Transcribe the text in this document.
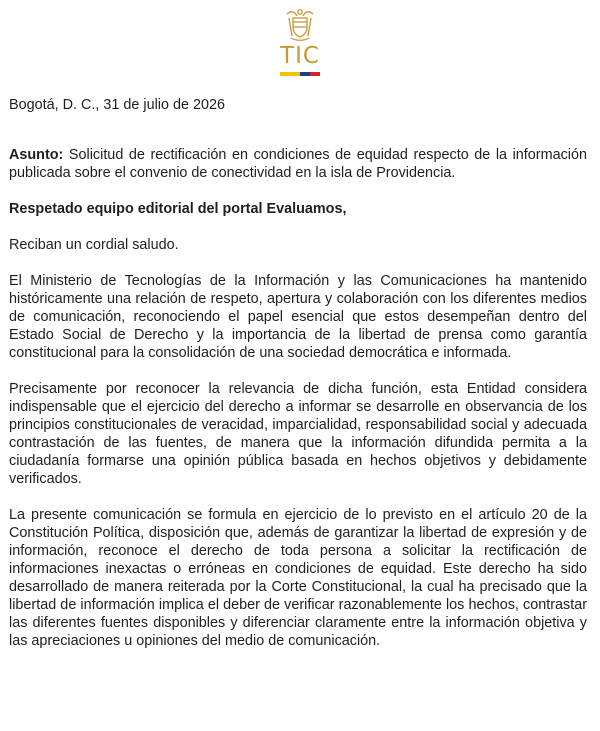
TIC

Bogotá, D. C., 31 de julio de 2026

Asunto: Solicitud de rectificación en condiciones de equidad respecto de la información publicada sobre el convenio de conectividad en la isla de Providencia.

Respetado equipo editorial del portal Evaluamos,

Reciban un cordial saludo.

El Ministerio de Tecnologías de la Información y las Comunicaciones ha mantenido históricamente una relación de respeto, apertura y colaboración con los diferentes medios de comunicación, reconociendo el papel esencial que estos desempeñan dentro del Estado Social de Derecho y la importancia de la libertad de prensa como garantía constitucional para la consolidación de una sociedad democrática e informada.

Precisamente por reconocer la relevancia de dicha función, esta Entidad considera indispensable que el ejercicio del derecho a informar se desarrolle en observancia de los principios constitucionales de veracidad, imparcialidad, responsabilidad social y adecuada contrastación de las fuentes, de manera que la información difundida permita a la ciudadanía formarse una opinión pública basada en hechos objetivos y debidamente verificados.

La presente comunicación se formula en ejercicio de lo previsto en el artículo 20 de la Constitución Política, disposición que, además de garantizar la libertad de expresión y de información, reconoce el derecho de toda persona a solicitar la rectificación de informaciones inexactas o erróneas en condiciones de equidad. Este derecho ha sido desarrollado de manera reiterada por la Corte Constitucional, la cual ha precisado que la libertad de información implica el deber de verificar razonablemente los hechos, contrastar las diferentes fuentes disponibles y diferenciar claramente entre la información objetiva y las apreciaciones u opiniones del medio de comunicación.
